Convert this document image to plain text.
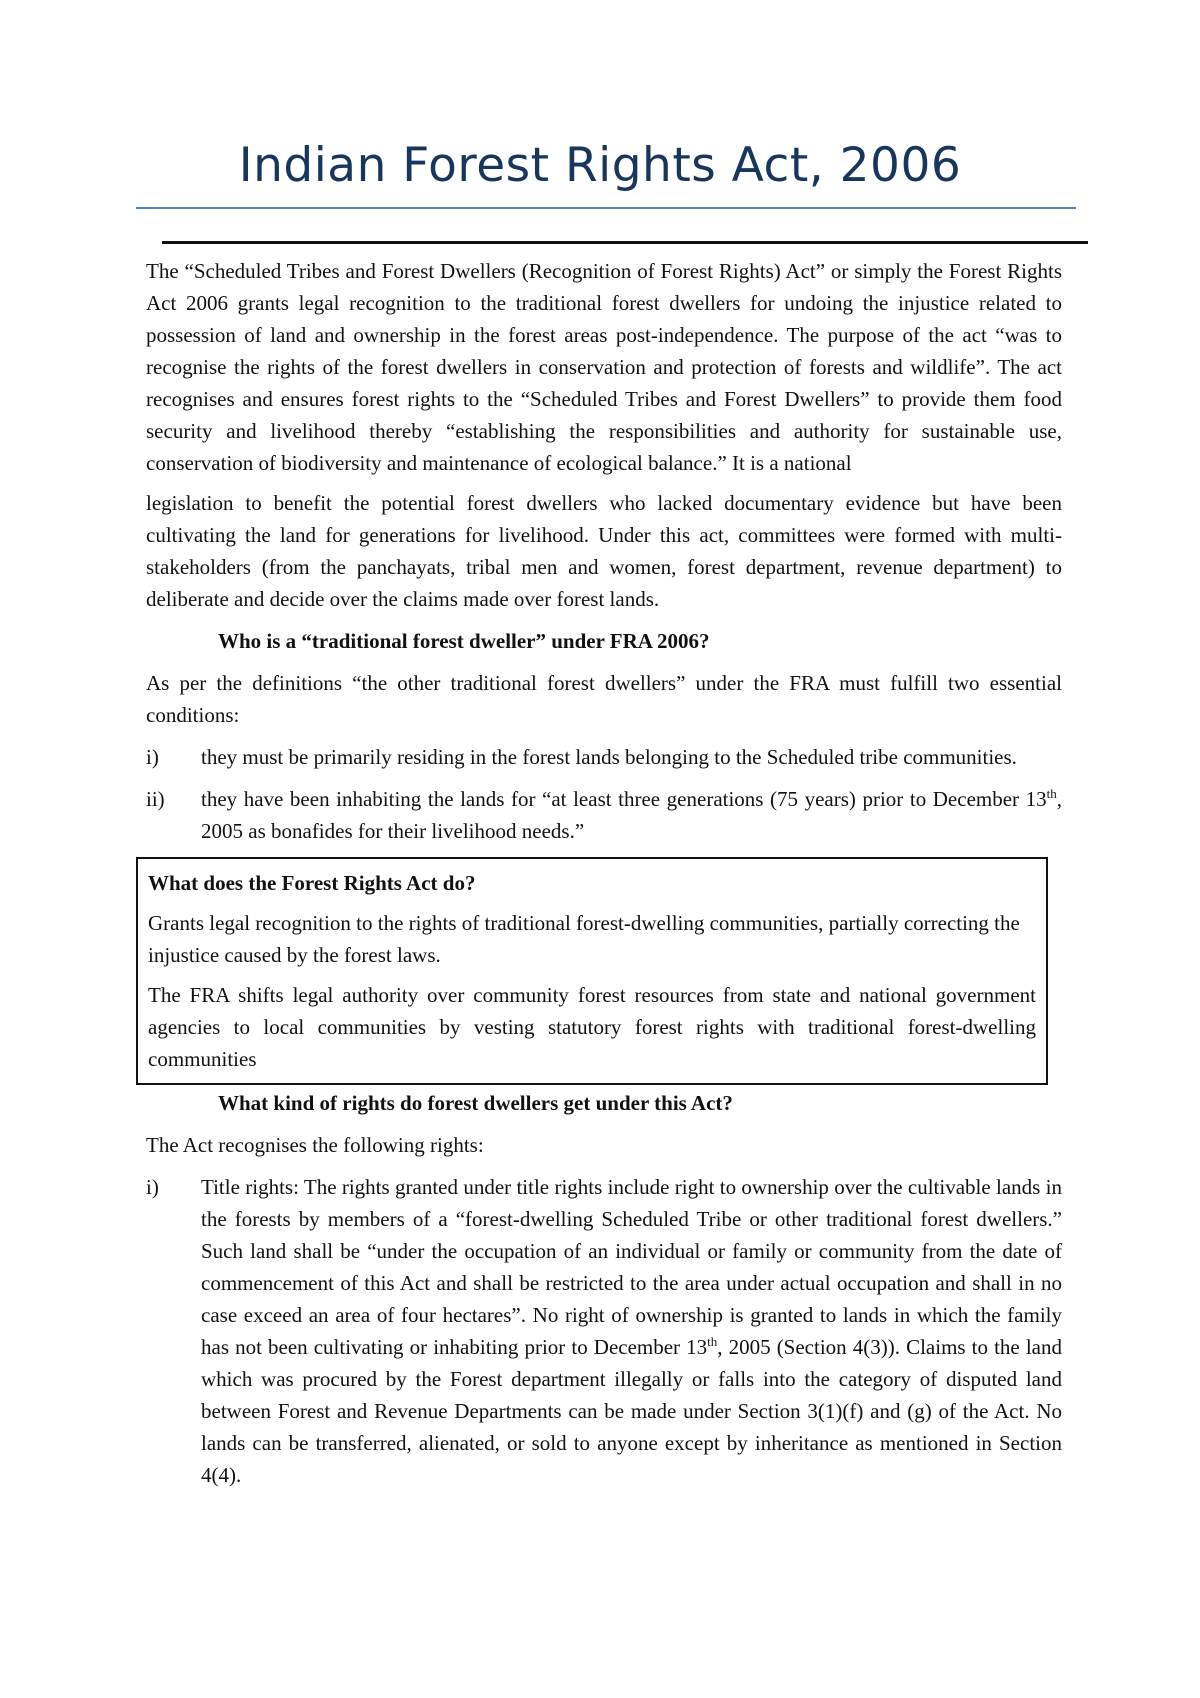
Indian Forest Rights Act, 2006

The “Scheduled Tribes and Forest Dwellers (Recognition of Forest Rights) Act” or simply the Forest Rights Act 2006 grants legal recognition to the traditional forest dwellers for undoing the injustice related to possession of land and ownership in the forest areas post-independence. The purpose of the act “was to recognise the rights of the forest dwellers in conservation and protection of forests and wildlife”. The act recognises and ensures forest rights to the “Scheduled Tribes and Forest Dwellers” to provide them food security and livelihood thereby “establishing the responsibilities and authority for sustainable use, conservation of biodiversity and maintenance of ecological balance.” It is a national

legislation to benefit the potential forest dwellers who lacked documentary evidence but have been cultivating the land for generations for livelihood. Under this act, committees were formed with multi-stakeholders (from the panchayats, tribal men and women, forest department, revenue department) to deliberate and decide over the claims made over forest lands.

Who is a “traditional forest dweller” under FRA 2006?

As per the definitions “the other traditional forest dwellers” under the FRA must fulfill two essential conditions:

i)	they must be primarily residing in the forest lands belonging to the Scheduled tribe communities.
ii)	they have been inhabiting the lands for “at least three generations (75 years) prior to December 13th, 2005 as bonafides for their livelihood needs.”
What does the Forest Rights Act do?

Grants legal recognition to the rights of traditional forest-dwelling communities, partially correcting the injustice caused by the forest laws.

The FRA shifts legal authority over community forest resources from state and national government agencies to local communities by vesting statutory forest rights with traditional forest-dwelling communities

What kind of rights do forest dwellers get under this Act?

The Act recognises the following rights:

i)	Title rights: The rights granted under title rights include right to ownership over the cultivable lands in the forests by members of a “forest-dwelling Scheduled Tribe or other traditional forest dwellers.” Such land shall be “under the occupation of an individual or family or community from the date of commencement of this Act and shall be restricted to the area under actual occupation and shall in no case exceed an area of four hectares”. No right of ownership is granted to lands in which the family has not been cultivating or inhabiting prior to December 13th, 2005 (Section 4(3)). Claims to the land which was procured by the Forest department illegally or falls into the category of disputed land between Forest and Revenue Departments can be made under Section 3(1)(f) and (g) of the Act. No lands can be transferred, alienated, or sold to anyone except by inheritance as mentioned in Section 4(4).
